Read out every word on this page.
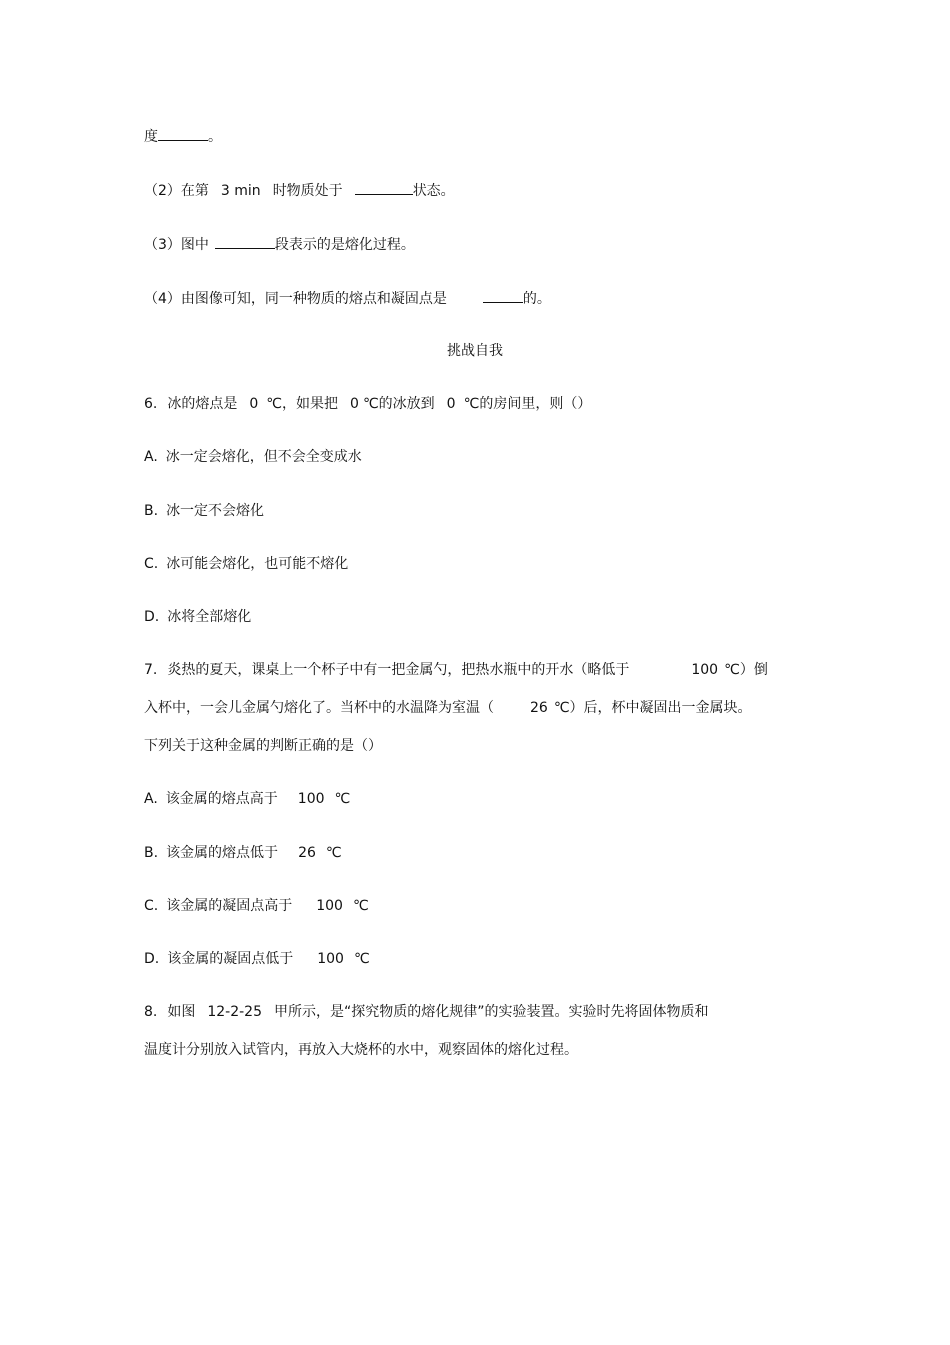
度	。
（2）在第 3 min 时物质处于	状态。
（3）图中	段表示的是熔化过程。
（4）由图像可知，同一种物质的熔点和凝固点是	的。
挑战自我
6. 冰的熔点是 0 ℃，如果把 0 ℃的冰放到 0 ℃的房间里，则（）
A. 冰一定会熔化，但不会全变成水
B. 冰一定不会熔化
C. 冰可能会熔化，也可能不熔化
D. 冰将全部熔化
7. 炎热的夏天，课桌上一个杯子中有一把金属勺，把热水瓶中的开水（略低于	100 ℃）倒
入杯中，一会儿金属勺熔化了。当杯中的水温降为室温（	26 ℃）后，杯中凝固出一金属块。
下列关于这种金属的判断正确的是（）
A. 该金属的熔点高于 100 ℃
B. 该金属的熔点低于 26 ℃
C. 该金属的凝固点高于 100 ℃
D. 该金属的凝固点低于 100 ℃
8. 如图 12-2-25 甲所示，是“探究物质的熔化规律”的实验装置。实验时先将固体物质和
温度计分别放入试管内，再放入大烧杯的水中，观察固体的熔化过程。
